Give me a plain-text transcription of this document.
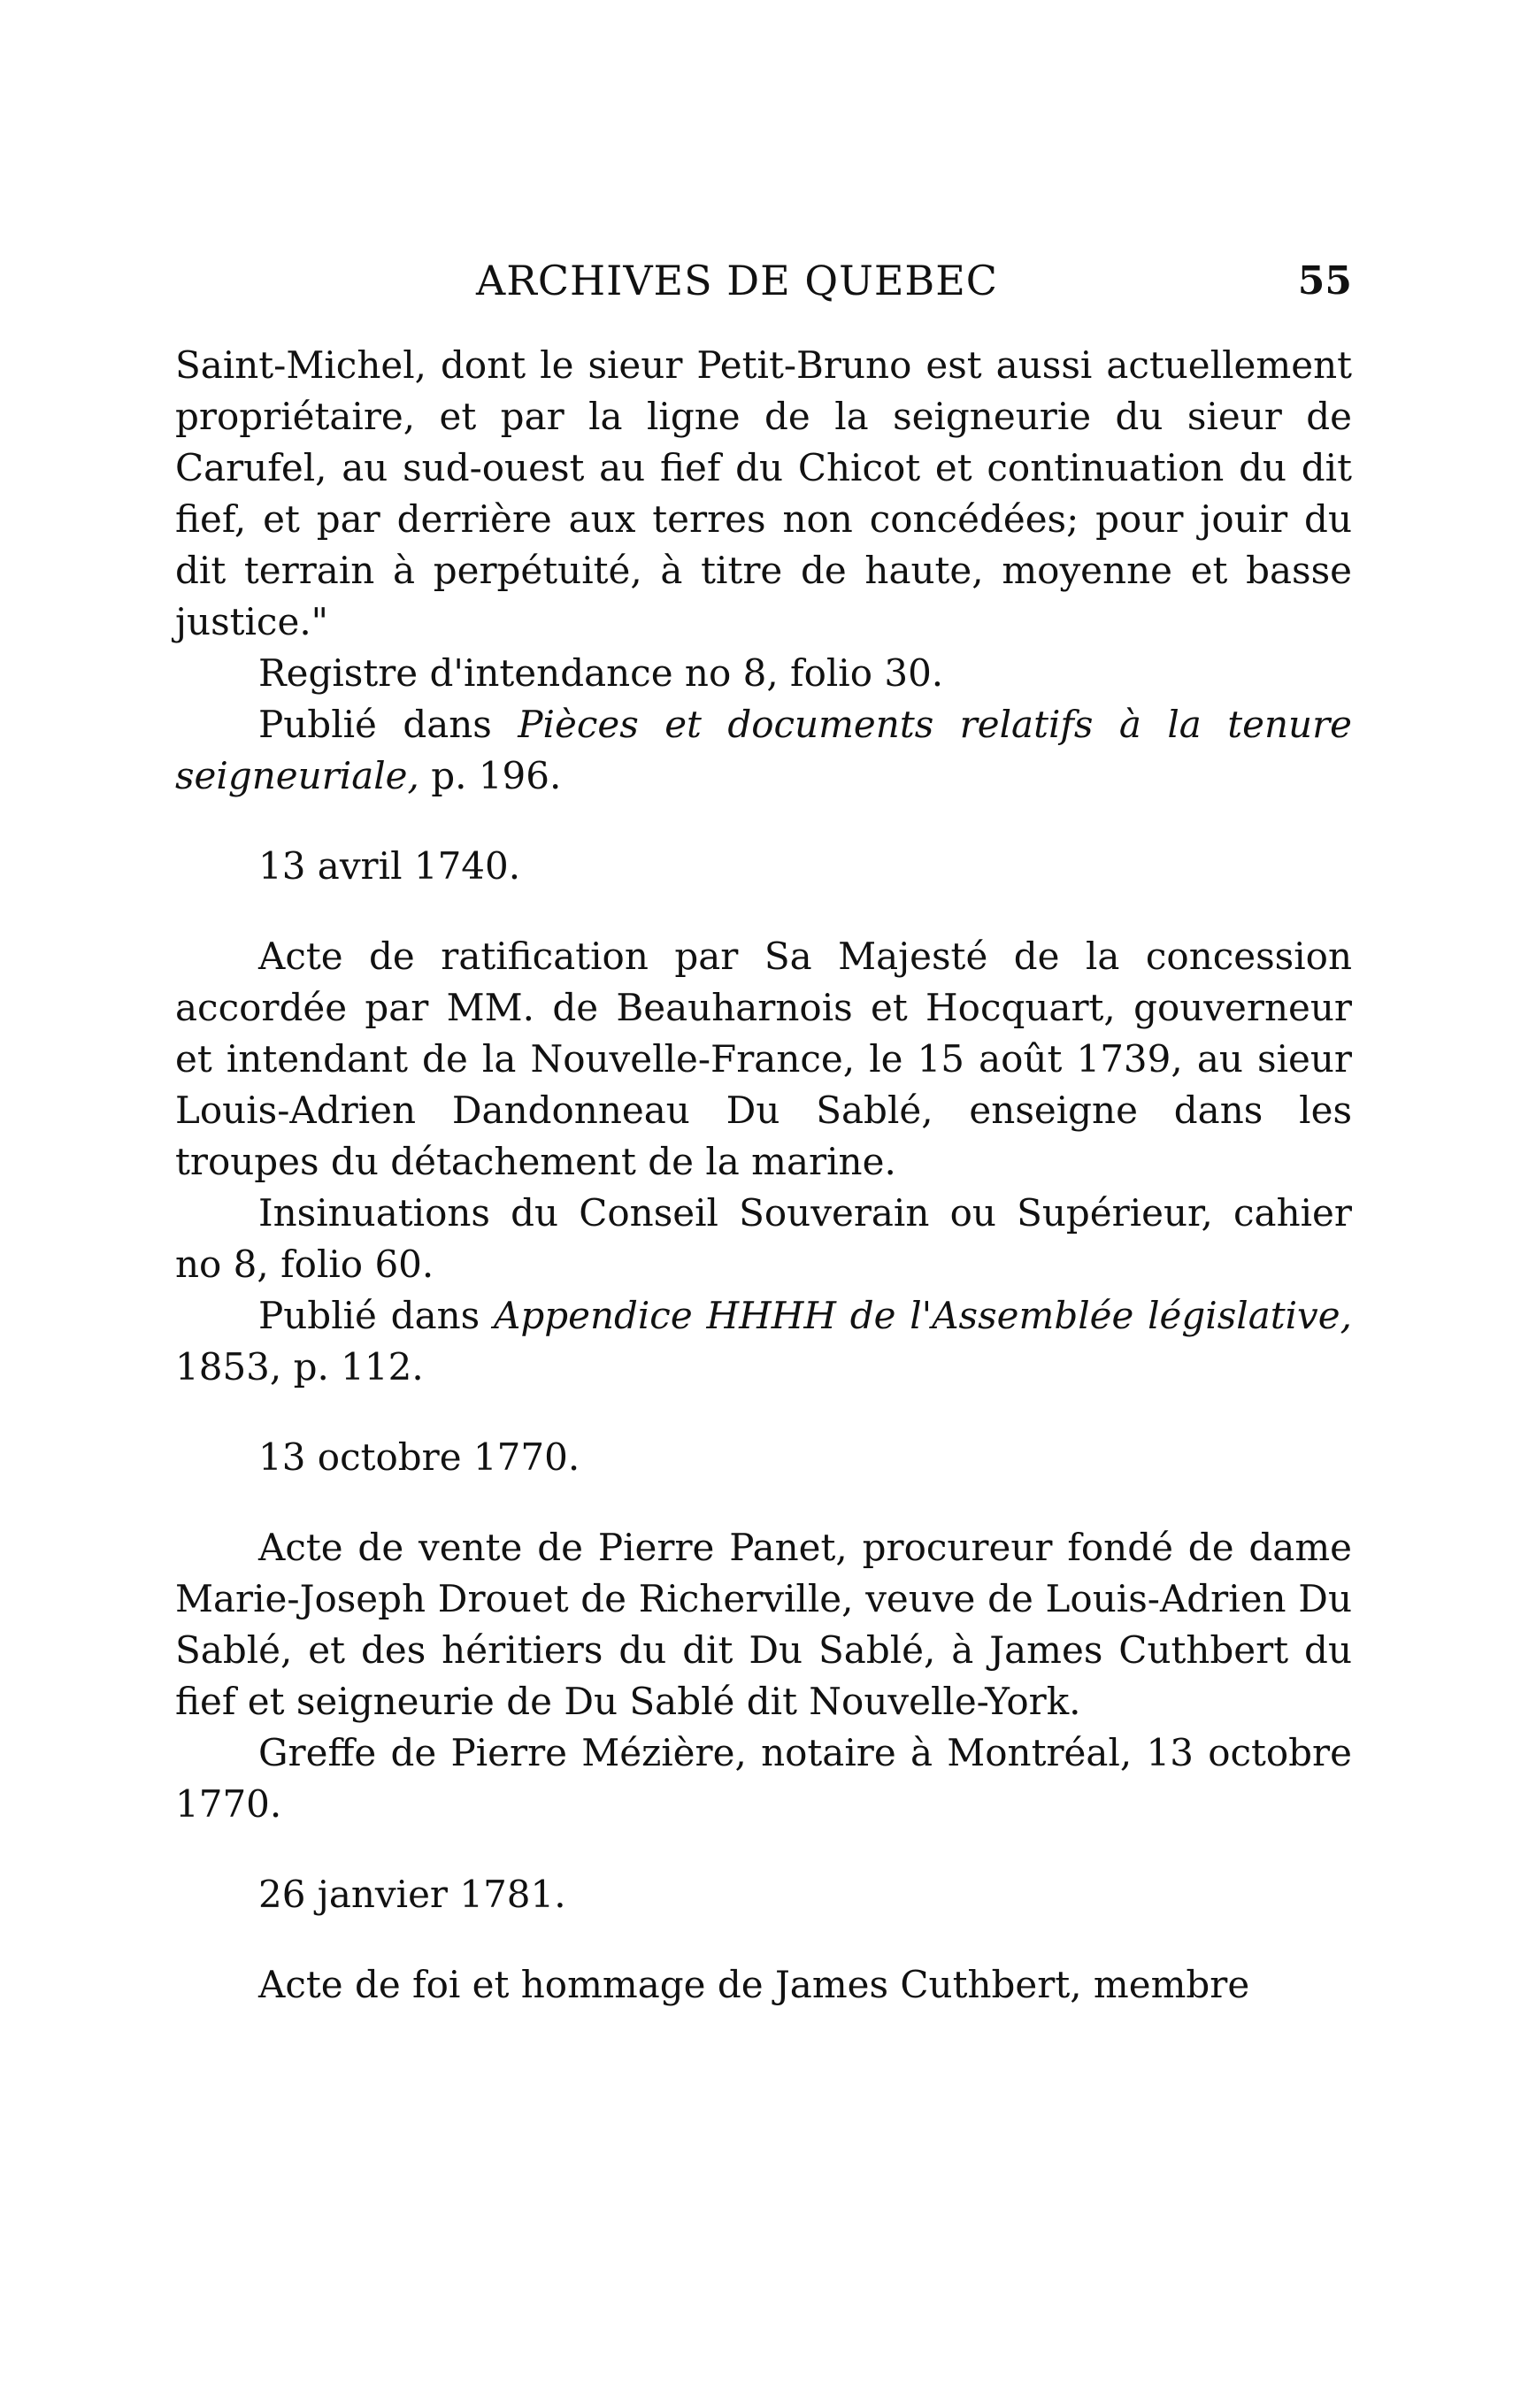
ARCHIVES DE QUEBEC	55

Saint-Michel, dont le sieur Petit-Bruno est aussi actuellement propriétaire, et par la ligne de la seigneurie du sieur de Carufel, au sud-ouest au fief du Chicot et continuation du dit fief, et par derrière aux terres non concédées; pour jouir du dit terrain à perpétuité, à titre de haute, moyenne et basse justice."

Registre d'intendance no 8, folio 30.

Publié dans Pièces et documents relatifs à la tenure seigneuriale, p. 196.

13 avril 1740.

Acte de ratification par Sa Majesté de la concession accordée par MM. de Beauharnois et Hocquart, gouverneur et intendant de la Nouvelle-France, le 15 août 1739, au sieur Louis-Adrien Dandonneau Du Sablé, enseigne dans les troupes du détachement de la marine.

Insinuations du Conseil Souverain ou Supérieur, cahier no 8, folio 60.

Publié dans Appendice HHHH de l'Assemblée législative, 1853, p. 112.

13 octobre 1770.

Acte de vente de Pierre Panet, procureur fondé de dame Marie-Joseph Drouet de Richerville, veuve de Louis-Adrien Du Sablé, et des héritiers du dit Du Sablé, à James Cuthbert du fief et seigneurie de Du Sablé dit Nouvelle-York.

Greffe de Pierre Mézière, notaire à Montréal, 13 octobre 1770.

26 janvier 1781.

Acte de foi et hommage de James Cuthbert, membre
